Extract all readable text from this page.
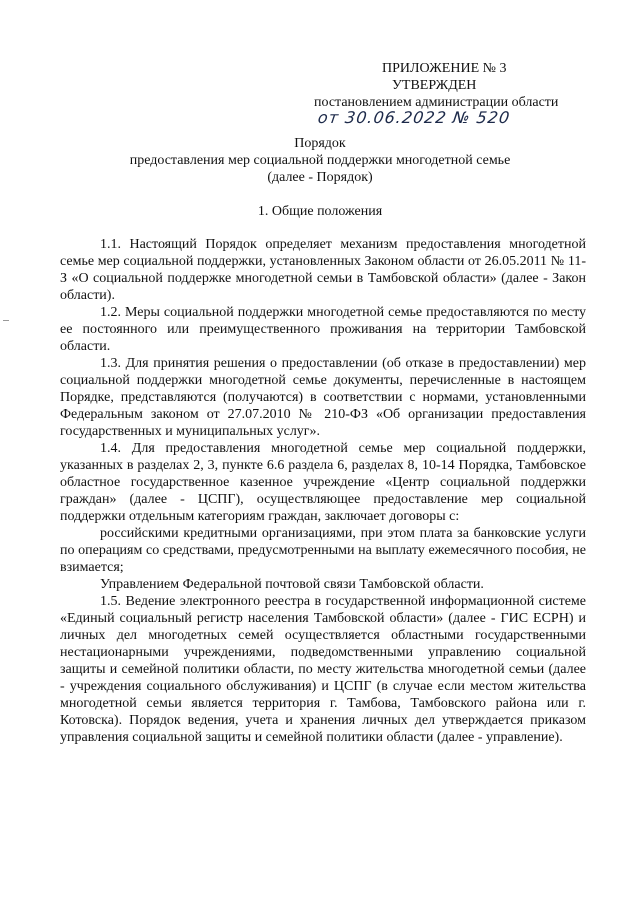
ПРИЛОЖЕНИЕ № 3
УТВЕРЖДЕН
постановлением администрации области
от 30.06.2022 № 520
Порядок
предоставления мер социальной поддержки многодетной семье
(далее - Порядок)
1. Общие положения

1.1. Настоящий Порядок определяет механизм предоставления многодетной семье мер социальной поддержки, установленных Законом области от 26.05.2011 № 11-З «О социальной поддержке многодетной семьи в Тамбовской области» (далее - Закон области).

1.2. Меры социальной поддержки многодетной семье предоставляются по месту ее постоянного или преимущественного проживания на территории Тамбовской области.

1.3. Для принятия решения о предоставлении (об отказе в предоставлении) мер социальной поддержки многодетной семье документы, перечисленные в настоящем Порядке, представляются (получаются) в соответствии с нормами, установленными Федеральным законом от 27.07.2010 № 210-ФЗ «Об организации предоставления государственных и муниципальных услуг».

1.4. Для предоставления многодетной семье мер социальной поддержки, указанных в разделах 2, 3, пункте 6.6 раздела 6, разделах 8, 10-14 Порядка, Тамбовское областное государственное казенное учреждение «Центр социальной поддержки граждан» (далее - ЦСПГ), осуществляющее предоставление мер социальной поддержки отдельным категориям граждан, заключает договоры с:

российскими кредитными организациями, при этом плата за банковские услуги по операциям со средствами, предусмотренными на выплату ежемесячного пособия, не взимается;

Управлением Федеральной почтовой связи Тамбовской области.

1.5. Ведение электронного реестра в государственной информационной системе «Единый социальный регистр населения Тамбовской области» (далее - ГИС ЕСРН) и личных дел многодетных семей осуществляется областными государственными нестационарными учреждениями, подведомственными управлению социальной защиты и семейной политики области, по месту жительства многодетной семьи (далее - учреждения социального обслуживания) и ЦСПГ (в случае если местом жительства многодетной семьи является территория г. Тамбова, Тамбовского района или г. Котовска). Порядок ведения, учета и хранения личных дел утверждается приказом управления социальной защиты и семейной политики области (далее - управление).
